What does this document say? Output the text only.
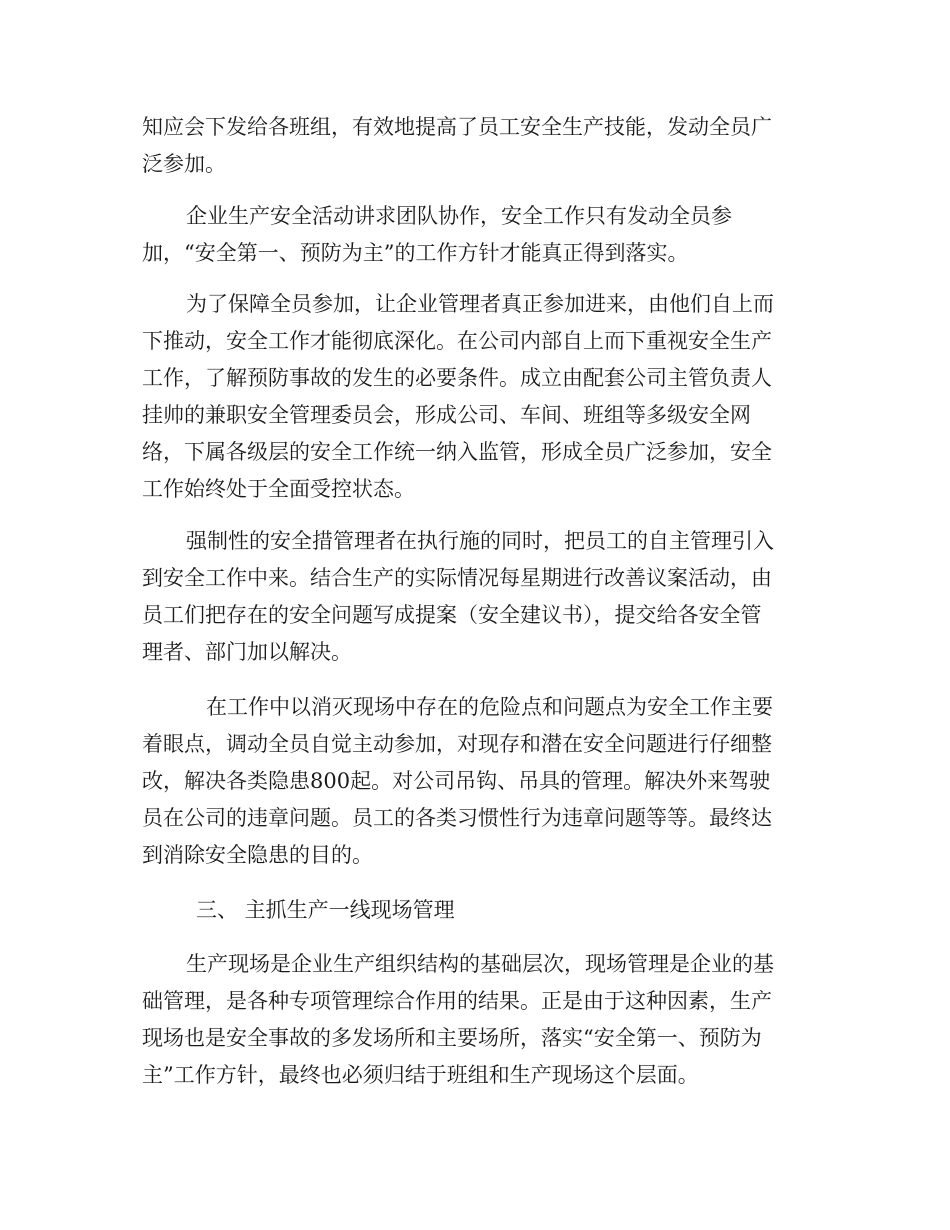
知应会下发给各班组，有效地提高了员工安全生产技能，发动全员广

泛参加。

企业生产安全活动讲求团队协作，安全工作只有发动全员参

加，“安全第一、预防为主”的工作方针才能真正得到落实。

为了保障全员参加，让企业管理者真正参加进来，由他们自上而

下推动，安全工作才能彻底深化。在公司内部自上而下重视安全生产

工作，了解预防事故的发生的必要条件。成立由配套公司主管负责人

挂帅的兼职安全管理委员会，形成公司、车间、班组等多级安全网

络，下属各级层的安全工作统一纳入监管，形成全员广泛参加，安全

工作始终处于全面受控状态。

强制性的安全措管理者在执行施的同时，把员工的自主管理引入

到安全工作中来。结合生产的实际情况每星期进行改善议案活动，由

员工们把存在的安全问题写成提案（安全建议书），提交给各安全管

理者、部门加以解决。

在工作中以消灭现场中存在的危险点和问题点为安全工作主要

着眼点，调动全员自觉主动参加，对现存和潜在安全问题进行仔细整

改，解决各类隐患800起。对公司吊钩、吊具的管理。解决外来驾驶

员在公司的违章问题。员工的各类习惯性行为违章问题等等。最终达

到消除安全隐患的目的。

三、 主抓生产一线现场管理

生产现场是企业生产组织结构的基础层次，现场管理是企业的基

础管理，是各种专项管理综合作用的结果。正是由于这种因素，生产

现场也是安全事故的多发场所和主要场所，落实“安全第一、预防为

主”工作方针，最终也必须归结于班组和生产现场这个层面。
